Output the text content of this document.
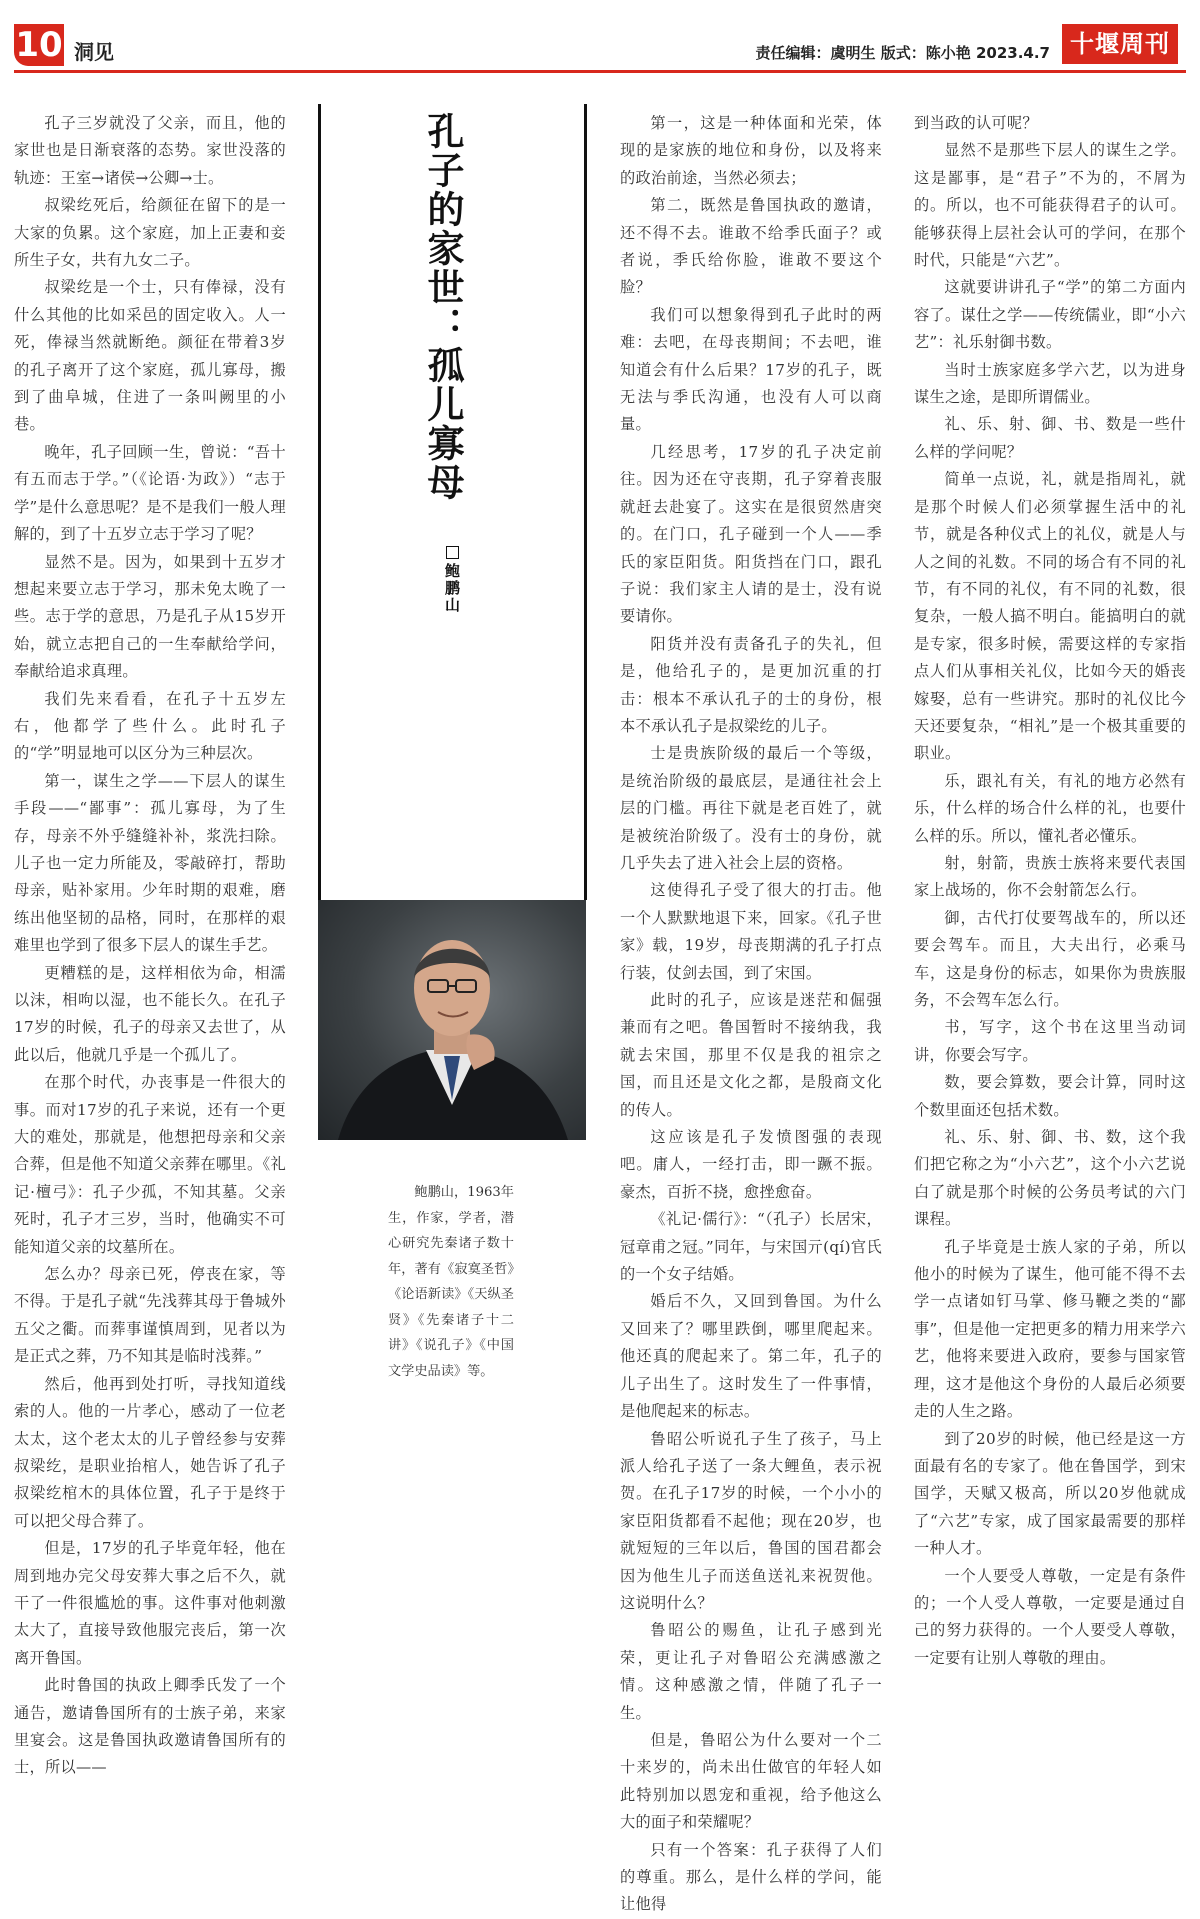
10 洞见	责任编辑：虞明生 版式：陈小艳 2023.4.7 十堰周刊

孔子三岁就没了父亲，而且，他的家世也是日渐衰落的态势。家世没落的轨迹：王室→诸侯→公卿→士。

叔梁纥死后，给颜征在留下的是一大家的负累。这个家庭，加上正妻和妾所生子女，共有九女二子。

叔梁纥是一个士，只有俸禄，没有什么其他的比如采邑的固定收入。人一死，俸禄当然就断绝。颜征在带着3岁的孔子离开了这个家庭，孤儿寡母，搬到了曲阜城，住进了一条叫阙里的小巷。

晚年，孔子回顾一生，曾说：“吾十有五而志于学。”（《论语·为政》）“志于学”是什么意思呢？是不是我们一般人理解的，到了十五岁立志于学习了呢？

显然不是。因为，如果到十五岁才想起来要立志于学习，那未免太晚了一些。志于学的意思，乃是孔子从15岁开始，就立志把自己的一生奉献给学问，奉献给追求真理。

我们先来看看，在孔子十五岁左右，他都学了些什么。此时孔子的“学”明显地可以区分为三种层次。

第一，谋生之学——下层人的谋生手段——“鄙事”：孤儿寡母，为了生存，母亲不外乎缝缝补补，浆洗扫除。儿子也一定力所能及，零敲碎打，帮助母亲，贴补家用。少年时期的艰难，磨练出他坚韧的品格，同时，在那样的艰难里也学到了很多下层人的谋生手艺。

更糟糕的是，这样相依为命，相濡以沫，相呴以湿，也不能长久。在孔子17岁的时候，孔子的母亲又去世了，从此以后，他就几乎是一个孤儿了。

在那个时代，办丧事是一件很大的事。而对17岁的孔子来说，还有一个更大的难处，那就是，他想把母亲和父亲合葬，但是他不知道父亲葬在哪里。《礼记·檀弓》：孔子少孤，不知其墓。父亲死时，孔子才三岁，当时，他确实不可能知道父亲的坟墓所在。

怎么办？母亲已死，停丧在家，等不得。于是孔子就“先浅葬其母于鲁城外五父之衢。而葬事谨慎周到，见者以为是正式之葬，乃不知其是临时浅葬。”

然后，他再到处打听，寻找知道线索的人。他的一片孝心，感动了一位老太太，这个老太太的儿子曾经参与安葬叔梁纥，是职业抬棺人，她告诉了孔子叔梁纥棺木的具体位置，孔子于是终于可以把父母合葬了。

但是，17岁的孔子毕竟年轻，他在周到地办完父母安葬大事之后不久，就干了一件很尴尬的事。这件事对他刺激太大了，直接导致他服完丧后，第一次离开鲁国。

此时鲁国的执政上卿季氏发了一个通告，邀请鲁国所有的士族子弟，来家里宴会。这是鲁国执政邀请鲁国所有的士，所以——

孔子的家世：孤儿寡母
鲍鹏山

鲍鹏山，1963年生，作家，学者，潜心研究先秦诸子数十年，著有《寂寞圣哲》《论语新读》《天纵圣贤》《先秦诸子十二讲》《说孔子》《中国文学史品读》等。

第一，这是一种体面和光荣，体现的是家族的地位和身份，以及将来的政治前途，当然必须去；

第二，既然是鲁国执政的邀请，还不得不去。谁敢不给季氏面子？或者说，季氏给你脸，谁敢不要这个脸？

我们可以想象得到孔子此时的两难：去吧，在母丧期间；不去吧，谁知道会有什么后果？17岁的孔子，既无法与季氏沟通，也没有人可以商量。

几经思考，17岁的孔子决定前往。因为还在守丧期，孔子穿着丧服就赶去赴宴了。这实在是很贸然唐突的。在门口，孔子碰到一个人——季氏的家臣阳货。阳货挡在门口，跟孔子说：我们家主人请的是士，没有说要请你。

阳货并没有责备孔子的失礼，但是，他给孔子的，是更加沉重的打击：根本不承认孔子的士的身份，根本不承认孔子是叔梁纥的儿子。

士是贵族阶级的最后一个等级，是统治阶级的最底层，是通往社会上层的门槛。再往下就是老百姓了，就是被统治阶级了。没有士的身份，就几乎失去了进入社会上层的资格。

这使得孔子受了很大的打击。他一个人默默地退下来，回家。《孔子世家》载，19岁，母丧期满的孔子打点行装，仗剑去国，到了宋国。

此时的孔子，应该是迷茫和倔强兼而有之吧。鲁国暂时不接纳我，我就去宋国，那里不仅是我的祖宗之国，而且还是文化之都，是殷商文化的传人。

这应该是孔子发愤图强的表现吧。庸人，一经打击，即一蹶不振。豪杰，百折不挠，愈挫愈奋。

《礼记·儒行》：“（孔子）长居宋，冠章甫之冠。”同年，与宋国亓(qí)官氏的一个女子结婚。

婚后不久，又回到鲁国。为什么又回来了？哪里跌倒，哪里爬起来。他还真的爬起来了。第二年，孔子的儿子出生了。这时发生了一件事情，是他爬起来的标志。

鲁昭公听说孔子生了孩子，马上派人给孔子送了一条大鲤鱼，表示祝贺。在孔子17岁的时候，一个小小的家臣阳货都看不起他；现在20岁，也就短短的三年以后，鲁国的国君都会因为他生儿子而送鱼送礼来祝贺他。这说明什么？

鲁昭公的赐鱼，让孔子感到光荣，更让孔子对鲁昭公充满感激之情。这种感激之情，伴随了孔子一生。

但是，鲁昭公为什么要对一个二十来岁的，尚未出仕做官的年轻人如此特别加以恩宠和重视，给予他这么大的面子和荣耀呢？

只有一个答案：孔子获得了人们的尊重。那么，是什么样的学问，能让他得

到当政的认可呢？

显然不是那些下层人的谋生之学。这是鄙事，是“君子”不为的，不屑为的。所以，也不可能获得君子的认可。能够获得上层社会认可的学问，在那个时代，只能是“六艺”。

这就要讲讲孔子“学”的第二方面内容了。谋仕之学——传统儒业，即“小六艺”：礼乐射御书数。

当时士族家庭多学六艺，以为进身谋生之途，是即所谓儒业。

礼、乐、射、御、书、数是一些什么样的学问呢？

简单一点说，礼，就是指周礼，就是那个时候人们必须掌握生活中的礼节，就是各种仪式上的礼仪，就是人与人之间的礼数。不同的场合有不同的礼节，有不同的礼仪，有不同的礼数，很复杂，一般人搞不明白。能搞明白的就是专家，很多时候，需要这样的专家指点人们从事相关礼仪，比如今天的婚丧嫁娶，总有一些讲究。那时的礼仪比今天还要复杂，“相礼”是一个极其重要的职业。

乐，跟礼有关，有礼的地方必然有乐，什么样的场合什么样的礼，也要什么样的乐。所以，懂礼者必懂乐。

射，射箭，贵族士族将来要代表国家上战场的，你不会射箭怎么行。

御，古代打仗要驾战车的，所以还要会驾车。而且，大夫出行，必乘马车，这是身份的标志，如果你为贵族服务，不会驾车怎么行。

书，写字，这个书在这里当动词讲，你要会写字。

数，要会算数，要会计算，同时这个数里面还包括术数。

礼、乐、射、御、书、数，这个我们把它称之为“小六艺”，这个小六艺说白了就是那个时候的公务员考试的六门课程。

孔子毕竟是士族人家的子弟，所以他小的时候为了谋生，他可能不得不去学一点诸如钉马掌、修马鞭之类的“鄙事”，但是他一定把更多的精力用来学六艺，他将来要进入政府，要参与国家管理，这才是他这个身份的人最后必须要走的人生之路。

到了20岁的时候，他已经是这一方面最有名的专家了。他在鲁国学，到宋国学，天赋又极高，所以20岁他就成了“六艺”专家，成了国家最需要的那样一种人才。

一个人要受人尊敬，一定是有条件的；一个人受人尊敬，一定要是通过自己的努力获得的。一个人要受人尊敬，一定要有让别人尊敬的理由。
